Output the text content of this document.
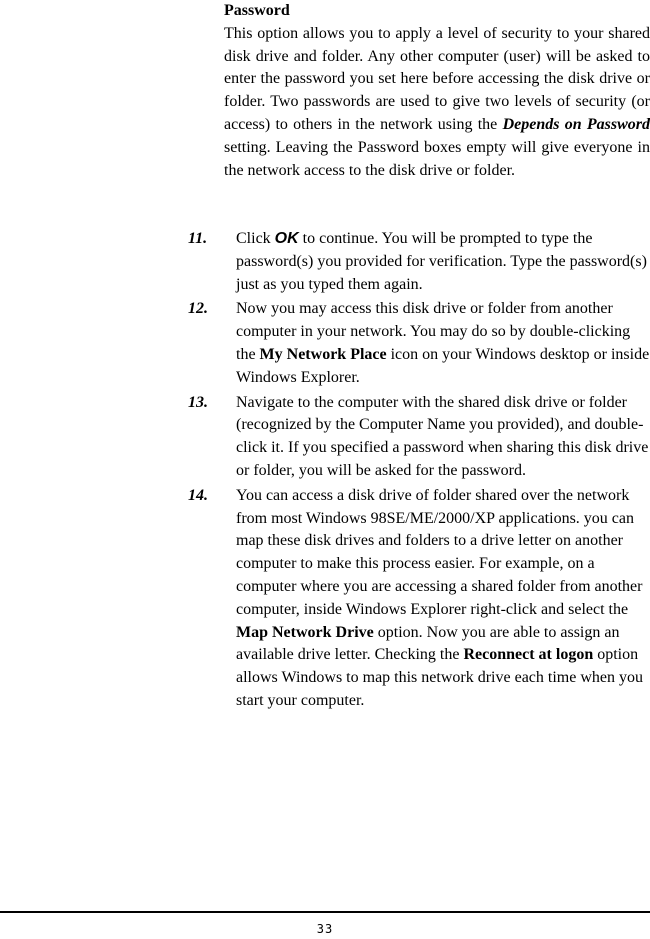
Password

This option allows you to apply a level of security to your shared disk drive and folder. Any other computer (user) will be asked to enter the password you set here before accessing the disk drive or folder. Two passwords are used to give two levels of security (or access) to others in the network using the Depends on Password setting. Leaving the Password boxes empty will give everyone in the network access to the disk drive or folder.

11.	Click OK to continue. You will be prompted to type the password(s) you provided for verification. Type the password(s) just as you typed them again.
12.	Now you may access this disk drive or folder from another computer in your network. You may do so by double-clicking the My Network Place icon on your Windows desktop or inside Windows Explorer.
13.	Navigate to the computer with the shared disk drive or folder (recognized by the Computer Name you provided), and double-click it. If you specified a password when sharing this disk drive or folder, you will be asked for the password.
14.	You can access a disk drive of folder shared over the network from most Windows 98SE/ME/2000/XP applications. you can map these disk drives and folders to a drive letter on another computer to make this process easier. For example, on a computer where you are accessing a shared folder from another computer, inside Windows Explorer right-click and select the Map Network Drive option. Now you are able to assign an available drive letter. Checking the Reconnect at logon option allows Windows to map this network drive each time when you start your computer.
33
